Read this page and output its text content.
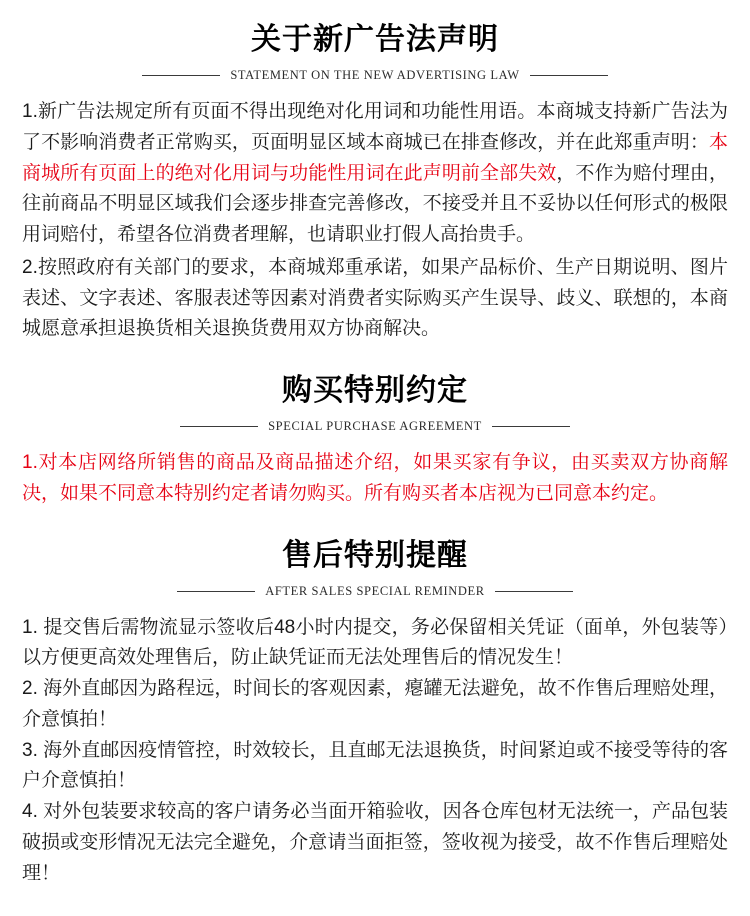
关于新广告法声明
STATEMENT ON THE NEW ADVERTISING LAW

1.新广告法规定所有页面不得出现绝对化用词和功能性用语。本商城支持新广告法为了不影响消费者正常购买，页面明显区域本商城已在排查修改，并在此郑重声明：本商城所有页面上的绝对化用词与功能性用词在此声明前全部失效，不作为赔付理由，往前商品不明显区域我们会逐步排查完善修改，不接受并且不妥协以任何形式的极限用词赔付，希望各位消费者理解，也请职业打假人高抬贵手。

2.按照政府有关部门的要求，本商城郑重承诺，如果产品标价、生产日期说明、图片表述、文字表述、客服表述等因素对消费者实际购买产生误导、歧义、联想的，本商城愿意承担退换货相关退换货费用双方协商解决。

购买特别约定
SPECIAL PURCHASE AGREEMENT

1.对本店网络所销售的商品及商品描述介绍，如果买家有争议，由买卖双方协商解决，如果不同意本特别约定者请勿购买。所有购买者本店视为已同意本约定。

售后特别提醒
AFTER SALES SPECIAL REMINDER

1. 提交售后需物流显示签收后48小时内提交，务必保留相关凭证（面单，外包装等）以方便更高效处理售后，防止缺凭证而无法处理售后的情况发生！

2. 海外直邮因为路程远，时间长的客观因素，瘪罐无法避免，故不作售后理赔处理，介意慎拍！

3. 海外直邮因疫情管控，时效较长，且直邮无法退换货，时间紧迫或不接受等待的客户介意慎拍！

4. 对外包装要求较高的客户请务必当面开箱验收，因各仓库包材无法统一，产品包装破损或变形情况无法完全避免，介意请当面拒签，签收视为接受，故不作售后理赔处理！
